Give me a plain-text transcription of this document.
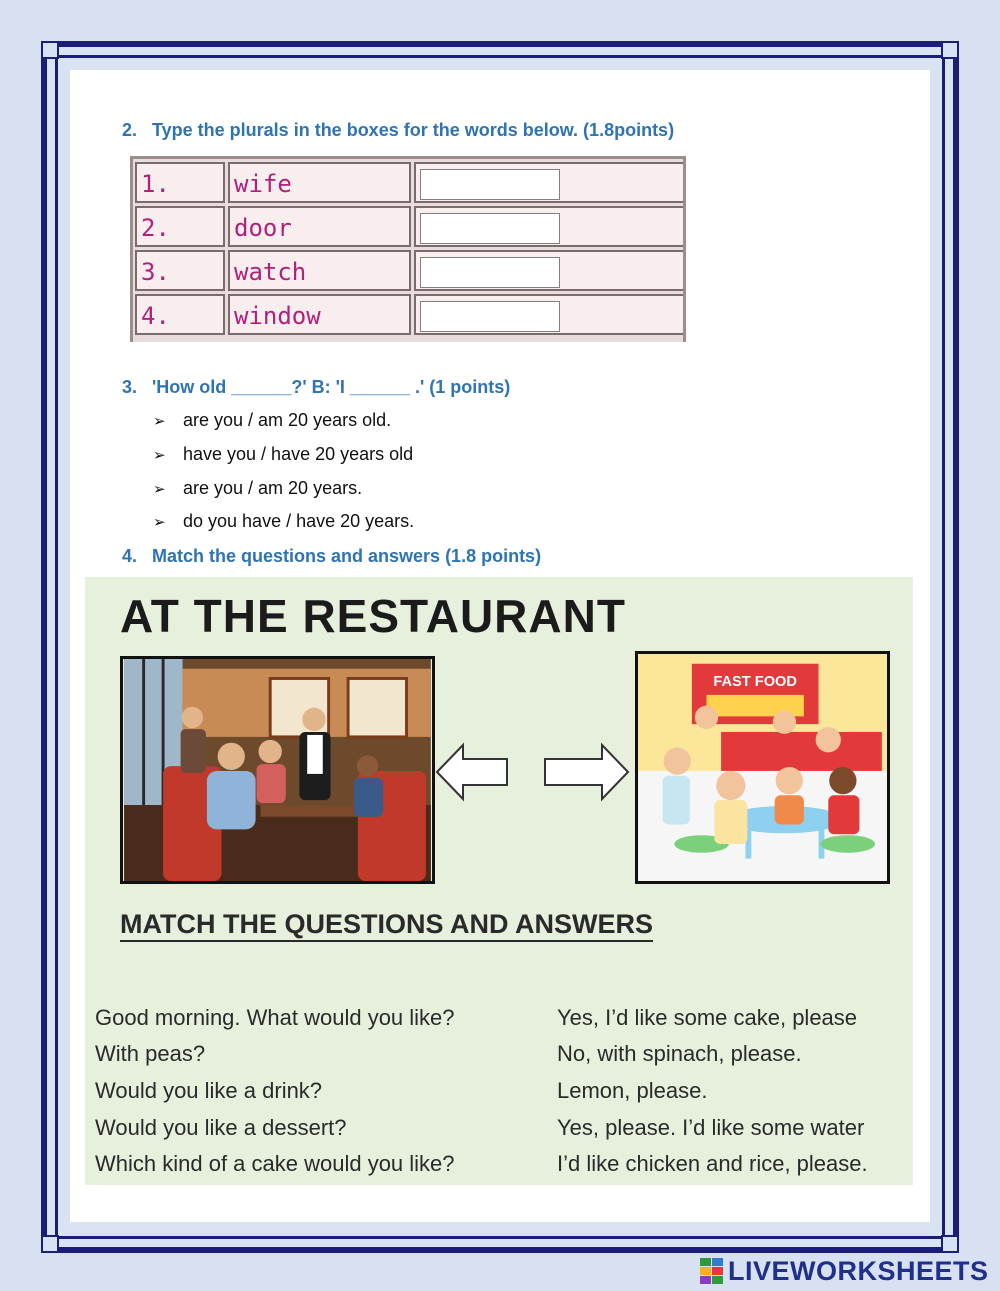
2. Type the plurals in the boxes for the words below. (1.8points)
1.	wife
2.	door
3.	watch
4.	window
3. 'How old ______?' B: 'I ______ .' (1 points)
➢ are you / am 20 years old.
➢ have you / have 20 years old
➢ are you / am 20 years.
➢ do you have / have 20 years.
4. Match the questions and answers (1.8 points)
AT THE RESTAURANT
FAST FOOD
MATCH THE QUESTIONS AND ANSWERS
Good morning. What would you like?
With peas?
Would you like a drink?
Would you like a dessert?
Which kind of a cake would you like?
Yes, I’d like some cake, please
No, with spinach, please.
Lemon, please.
Yes, please. I’d like some water
I’d like chicken and rice, please.
LIVEWORKSHEETS
